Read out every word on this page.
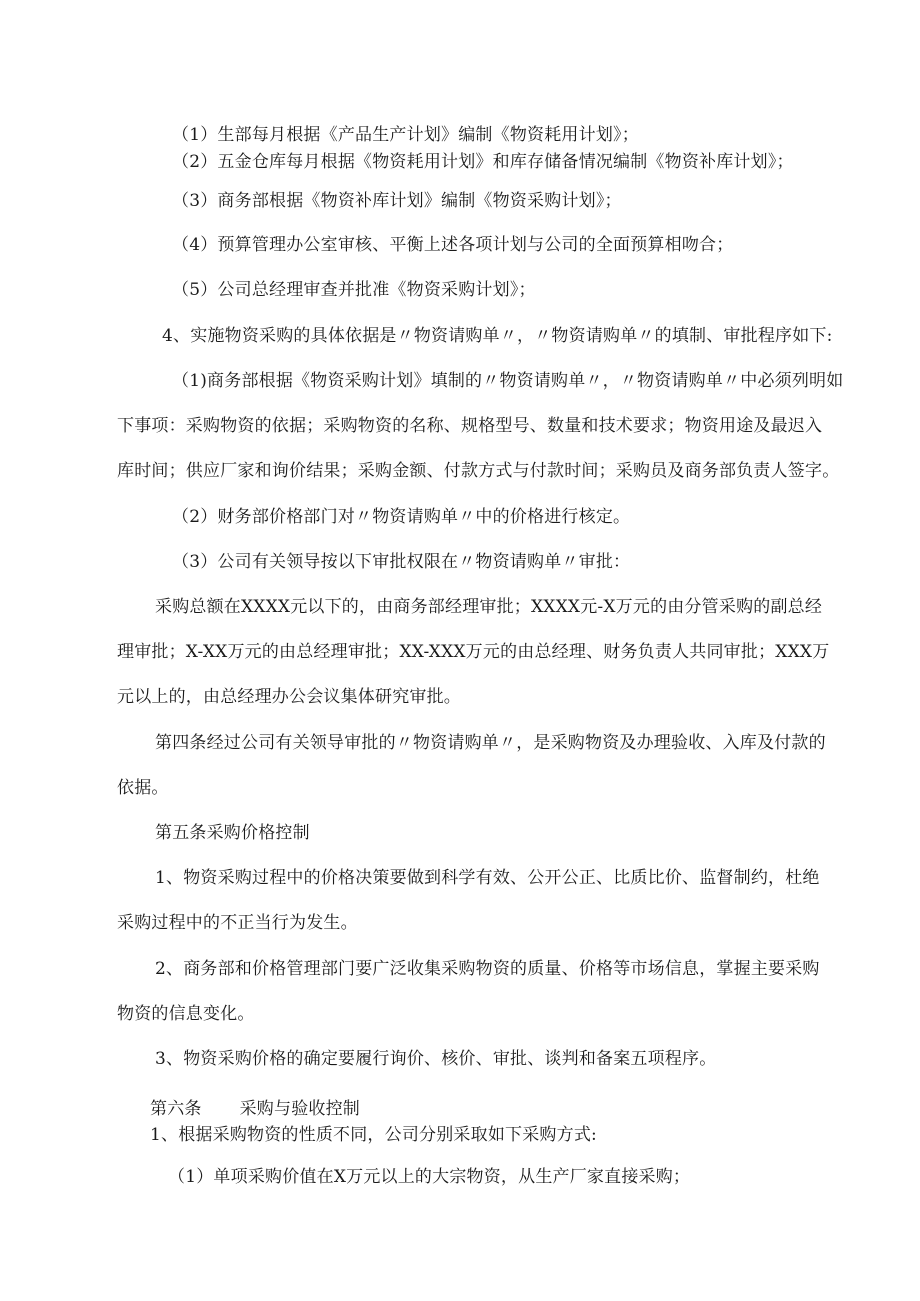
（1）生部每月根据《产品生产计划》编制《物资耗用计划》；

（2）五金仓库每月根据《物资耗用计划》和库存储备情况编制《物资补库计划》；

（3）商务部根据《物资补库计划》编制《物资采购计划》；

（4）预算管理办公室审核、平衡上述各项计划与公司的全面预算相吻合；

（5）公司总经理审查并批准《物资采购计划》；

4、实施物资采购的具体依据是〃物资请购单〃，〃物资请购单〃的填制、审批程序如下:

（1)商务部根据《物资采购计划》填制的〃物资请购单〃，〃物资请购单〃中必须列明如

下事项：采购物资的依据；采购物资的名称、规格型号、数量和技术要求；物资用途及最迟入

库时间；供应厂家和询价结果；采购金额、付款方式与付款时间；采购员及商务部负责人签字。

（2）财务部价格部门对〃物资请购单〃中的价格进行核定。

（3）公司有关领导按以下审批权限在〃物资请购单〃审批：

采购总额在XXXX元以下的，由商务部经理审批；XXXX元-X万元的由分管采购的副总经

理审批；X-XX万元的由总经理审批；XX-XXX万元的由总经理、财务负责人共同审批；XXX万

元以上的，由总经理办公会议集体研究审批。

第四条经过公司有关领导审批的〃物资请购单〃，是采购物资及办理验收、入库及付款的

依据。

第五条采购价格控制

1、物资采购过程中的价格决策要做到科学有效、公开公正、比质比价、监督制约，杜绝

采购过程中的不正当行为发生。

2、商务部和价格管理部门要广泛收集采购物资的质量、价格等市场信息，掌握主要采购

物资的信息变化。

3、物资采购价格的确定要履行询价、核价、审批、谈判和备案五项程序。

第六条 采购与验收控制

1、根据采购物资的性质不同，公司分别采取如下采购方式:

（1）单项采购价值在X万元以上的大宗物资，从生产厂家直接采购；
